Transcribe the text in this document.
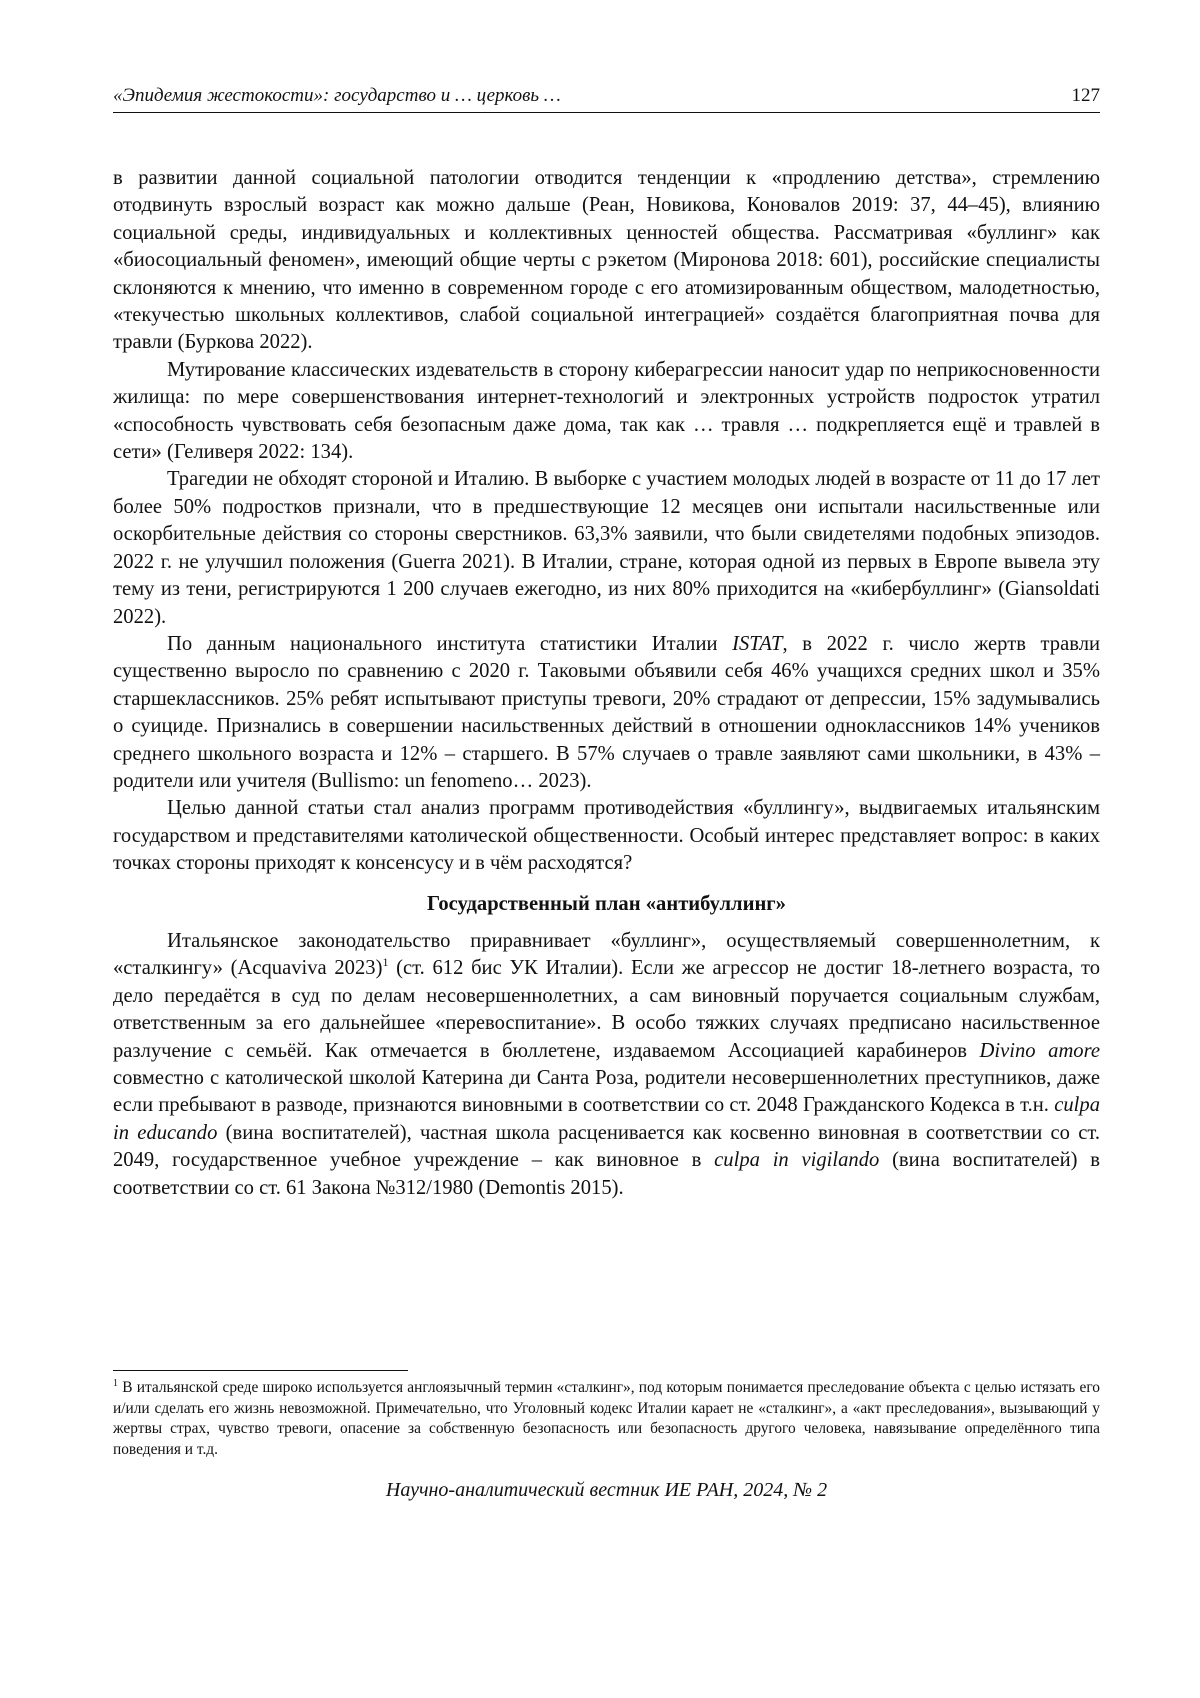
«Эпидемия жестокости»: государство и … церковь …	127

в развитии данной социальной патологии отводится тенденции к «продлению детства», стремлению отодвинуть взрослый возраст как можно дальше (Реан, Новикова, Коновалов 2019: 37, 44–45), влиянию социальной среды, индивидуальных и коллективных ценностей общества. Рассматривая «буллинг» как «биосоциальный феномен», имеющий общие черты с рэкетом (Миронова 2018: 601), российские специалисты склоняются к мнению, что именно в современном городе с его атомизированным обществом, малодетностью, «текучестью школьных коллективов, слабой социальной интеграцией» создаётся благоприятная почва для травли (Буркова 2022).

Мутирование классических издевательств в сторону киберагрессии наносит удар по неприкосновенности жилища: по мере совершенствования интернет-технологий и электронных устройств подросток утратил «способность чувствовать себя безопасным даже дома, так как … травля … подкрепляется ещё и травлей в сети» (Геливеря 2022: 134).

Трагедии не обходят стороной и Италию. В выборке с участием молодых людей в возрасте от 11 до 17 лет более 50% подростков признали, что в предшествующие 12 месяцев они испытали насильственные или оскорбительные действия со стороны сверстников. 63,3% заявили, что были свидетелями подобных эпизодов. 2022 г. не улучшил положения (Guerra 2021). В Италии, стране, которая одной из первых в Европе вывела эту тему из тени, регистрируются 1 200 случаев ежегодно, из них 80% приходится на «кибербуллинг» (Giansoldati 2022).

По данным национального института статистики Италии ISTAT, в 2022 г. число жертв травли существенно выросло по сравнению с 2020 г. Таковыми объявили себя 46% учащихся средних школ и 35% старшеклассников. 25% ребят испытывают приступы тревоги, 20% страдают от депрессии, 15% задумывались о суициде. Признались в совершении насильственных действий в отношении одноклассников 14% учеников среднего школьного возраста и 12% – старшего. В 57% случаев о травле заявляют сами школьники, в 43% – родители или учителя (Bullismo: un fenomeno… 2023).

Целью данной статьи стал анализ программ противодействия «буллингу», выдвигаемых итальянским государством и представителями католической общественности. Особый интерес представляет вопрос: в каких точках стороны приходят к консенсусу и в чём расходятся?

Государственный план «антибуллинг»

Итальянское законодательство приравнивает «буллинг», осуществляемый совершеннолетним, к «сталкингу» (Acquaviva 2023)$^1$ (ст. 612 бис УК Италии). Если же агрессор не достиг 18-летнего возраста, то дело передаётся в суд по делам несовершеннолетних, а сам виновный поручается социальным службам, ответственным за его дальнейшее «перевоспитание». В особо тяжких случаях предписано насильственное разлучение с семьёй. Как отмечается в бюллетене, издаваемом Ассоциацией карабинеров Divino amore совместно с католической школой Катерина ди Санта Роза, родители несовершеннолетних преступников, даже если пребывают в разводе, признаются виновными в соответствии со ст. 2048 Гражданского Кодекса в т.н. culpa in educando (вина воспитателей), частная школа расценивается как косвенно виновная в соответствии со ст. 2049, государственное учебное учреждение – как виновное в culpa in vigilando (вина воспитателей) в соответствии со ст. 61 Закона №312/1980 (Demontis 2015).

$^1$ В итальянской среде широко используется англоязычный термин «сталкинг», под которым понимается преследование объекта с целью истязать его и/или сделать его жизнь невозможной. Примечательно, что Уголовный кодекс Италии карает не «сталкинг», а «акт преследования», вызывающий у жертвы страх, чувство тревоги, опасение за собственную безопасность или безопасность другого человека, навязывание определённого типа поведения и т.д.
Научно-аналитический вестник ИЕ РАН, 2024, № 2
